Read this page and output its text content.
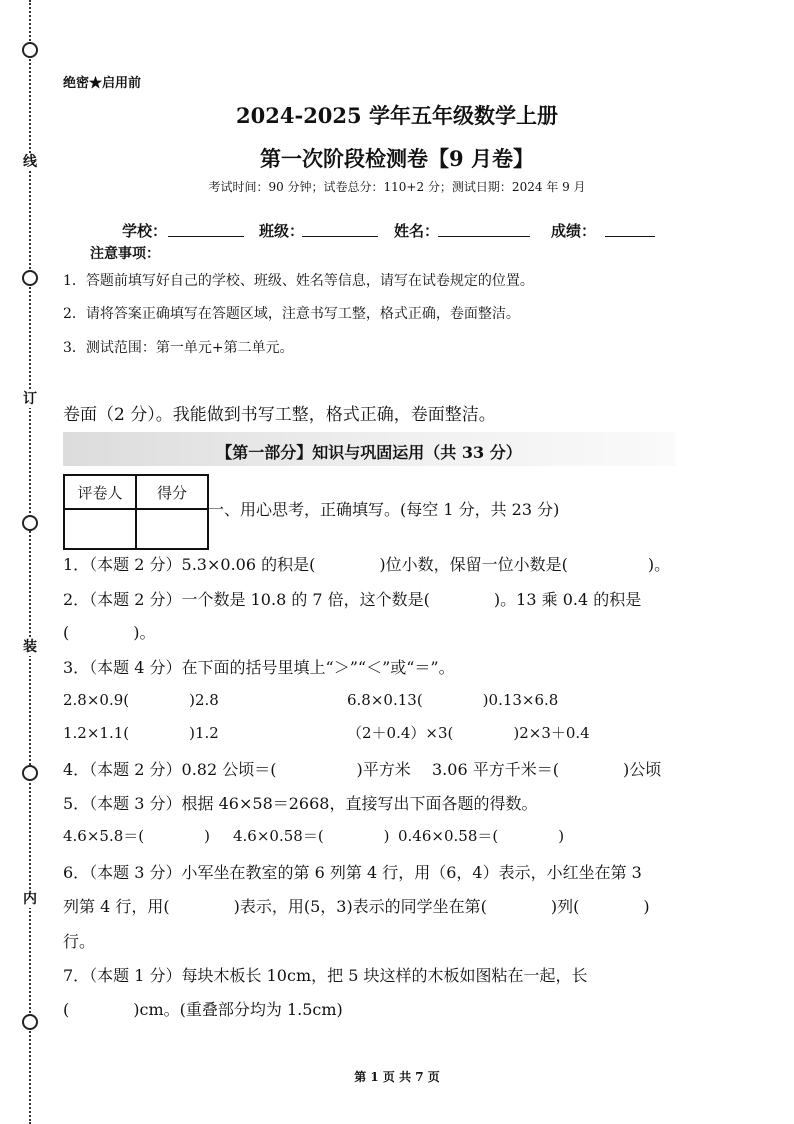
线
订
装
内
绝密★启用前
2024-2025 学年五年级数学上册
第一次阶段检测卷【9 月卷】
考试时间：90 分钟；试卷总分：110+2 分；测试日期：2024 年 9 月
学校：	班级：	姓名：	成绩：
注意事项：
1．答题前填写好自己的学校、班级、姓名等信息，请写在试卷规定的位置。
2．请将答案正确填写在答题区域，注意书写工整，格式正确，卷面整洁。
3．测试范围：第一单元+第二单元。
卷面（2 分）。我能做到书写工整，格式正确，卷面整洁。
【第一部分】知识与巩固运用（共 33 分）
评卷人	得分

一、用心思考，正确填写。(每空 1 分，共 23 分)
1．（本题 2 分）5.3×0.06 的积是(　　　　)位小数，保留一位小数是(　　　　　)。
2．（本题 2 分）一个数是 10.8 的 7 倍，这个数是(　　　　)。13 乘 0.4 的积是
(　　　　)。
3．（本题 4 分）在下面的括号里填上“＞”“＜”或“＝”。
2.8×0.9(　　　　)2.8	6.8×0.13(　　　　)0.13×6.8
1.2×1.1(　　　　)1.2	（2＋0.4）×3(　　　　)2×3＋0.4
4．（本题 2 分）0.82 公顷＝(　　　　　)平方米 3.06 平方千米＝(　　　　)公顷
5．（本题 3 分）根据 46×58＝2668，直接写出下面各题的得数。
4.6×5.8＝(　　　　) 4.6×0.58＝(　　　　) 0.46×0.58＝(　　　　)
6．（本题 3 分）小军坐在教室的第 6 列第 4 行，用（6，4）表示，小红坐在第 3
列第 4 行，用(　　　　)表示，用(5，3)表示的同学坐在第(　　　　)列(　　　　)
行。
7．（本题 1 分）每块木板长 10cm，把 5 块这样的木板如图粘在一起，长
(　　　　)cm。(重叠部分均为 1.5cm)
第 1 页 共 7 页
